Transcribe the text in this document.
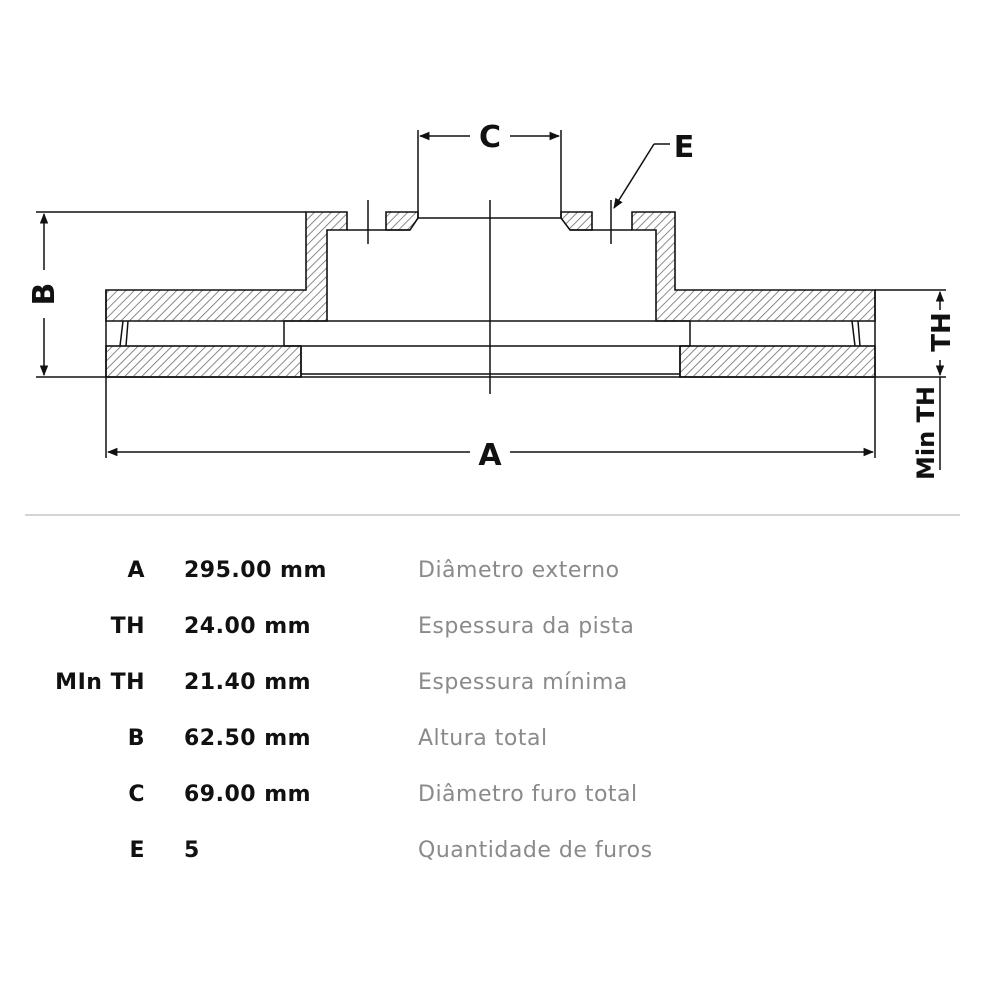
C	E
B
A
TH
Min TH
A 295.00 mm	Diâmetro externo
TH 24.00 mm	Espessura da pista
MIn TH 21.40 mm	Espessura mínima
B 62.50 mm	Altura total
C 69.00 mm	Diâmetro furo total
E 5	Quantidade de furos
